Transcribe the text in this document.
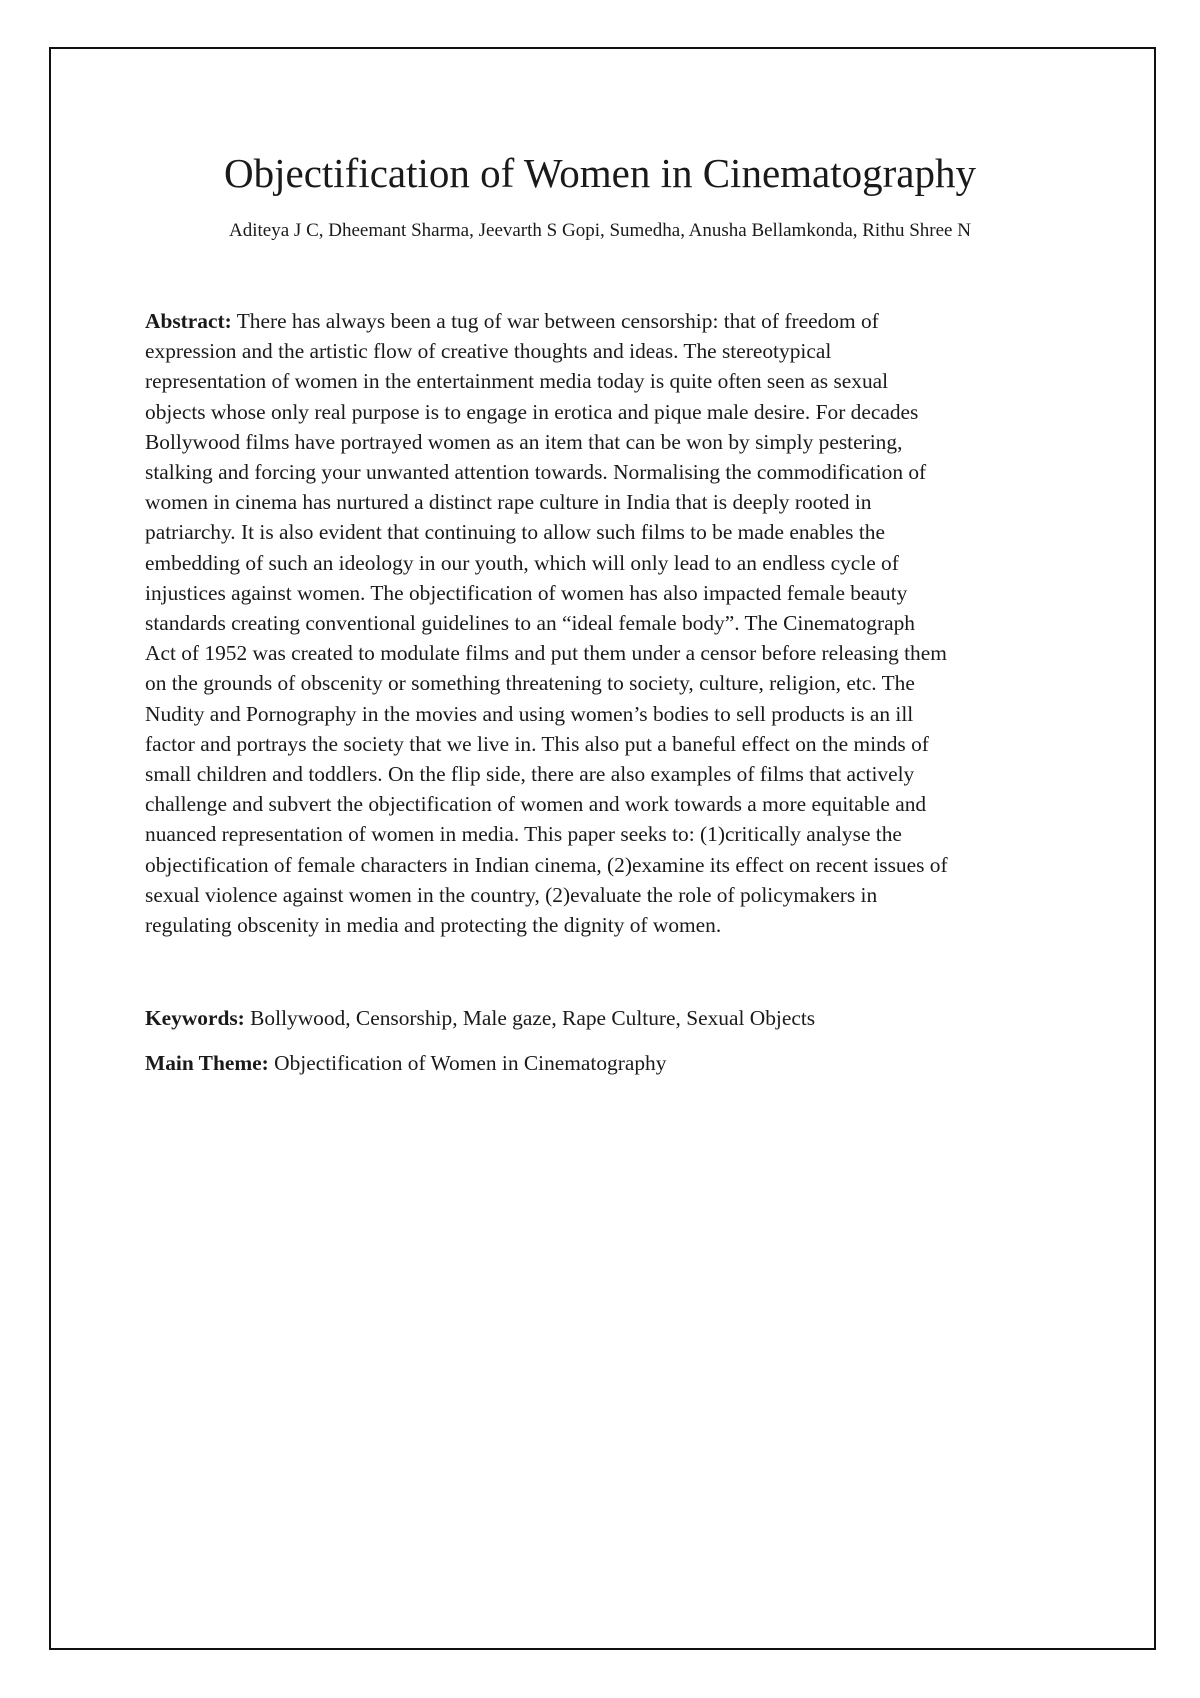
Objectification of Women in Cinematography

Aditeya J C, Dheemant Sharma, Jeevarth S Gopi, Sumedha, Anusha Bellamkonda, Rithu Shree N

Abstract: There has always been a tug of war between censorship: that of freedom of
expression and the artistic flow of creative thoughts and ideas. The stereotypical
representation of women in the entertainment media today is quite often seen as sexual
objects whose only real purpose is to engage in erotica and pique male desire. For decades
Bollywood films have portrayed women as an item that can be won by simply pestering,
stalking and forcing your unwanted attention towards. Normalising the commodification of
women in cinema has nurtured a distinct rape culture in India that is deeply rooted in
patriarchy. It is also evident that continuing to allow such films to be made enables the
embedding of such an ideology in our youth, which will only lead to an endless cycle of
injustices against women. The objectification of women has also impacted female beauty
standards creating conventional guidelines to an “ideal female body”. The Cinematograph
Act of 1952 was created to modulate films and put them under a censor before releasing them
on the grounds of obscenity or something threatening to society, culture, religion, etc. The
Nudity and Pornography in the movies and using women’s bodies to sell products is an ill
factor and portrays the society that we live in. This also put a baneful effect on the minds of
small children and toddlers. On the flip side, there are also examples of films that actively
challenge and subvert the objectification of women and work towards a more equitable and
nuanced representation of women in media. This paper seeks to: (1)critically analyse the
objectification of female characters in Indian cinema, (2)examine its effect on recent issues of
sexual violence against women in the country, (2)evaluate the role of policymakers in
regulating obscenity in media and protecting the dignity of women.

Keywords: Bollywood, Censorship, Male gaze, Rape Culture, Sexual Objects

Main Theme: Objectification of Women in Cinematography
